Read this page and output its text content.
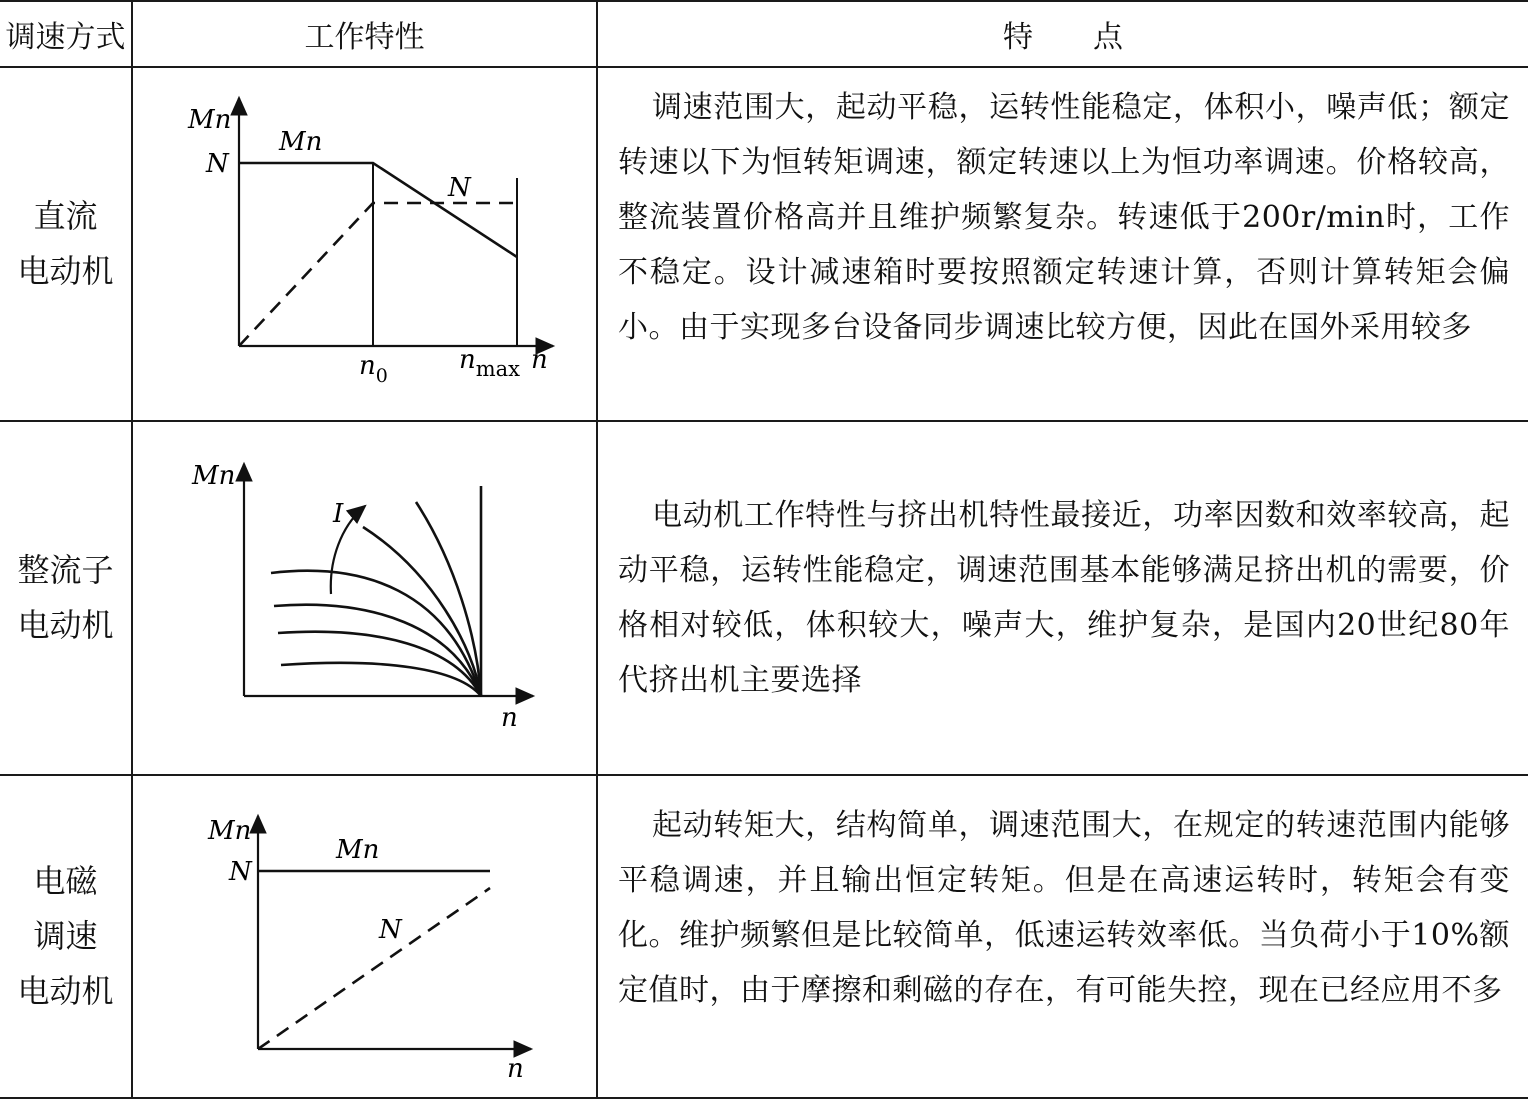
调速方式	工作特性	特　　点
直流
电动机
Mn
N
Mn
N
$n_0$
$n_{max}$ n
调速范围大，起动平稳，运转性能稳定，体积小，噪声低；额定转速以下为恒转矩调速，额定转速以上为恒功率调速。价格较高，整流装置价格高并且维护频繁复杂。转速低于200r/min时，工作不稳定。设计减速箱时要按照额定转速计算，否则计算转矩会偏小。由于实现多台设备同步调速比较方便，因此在国外采用较多
整流子
电动机
Mn
I
n
电动机工作特性与挤出机特性最接近，功率因数和效率较高，起动平稳，运转性能稳定，调速范围基本能够满足挤出机的需要，价格相对较低，体积较大，噪声大，维护复杂，是国内20世纪80年代挤出机主要选择
电磁
调速
电动机
Mn
N
Mn
N
n
起动转矩大，结构简单，调速范围大，在规定的转速范围内能够平稳调速，并且输出恒定转矩。但是在高速运转时，转矩会有变化。维护频繁但是比较简单，低速运转效率低。当负荷小于10%额定值时，由于摩擦和剩磁的存在，有可能失控，现在已经应用不多
